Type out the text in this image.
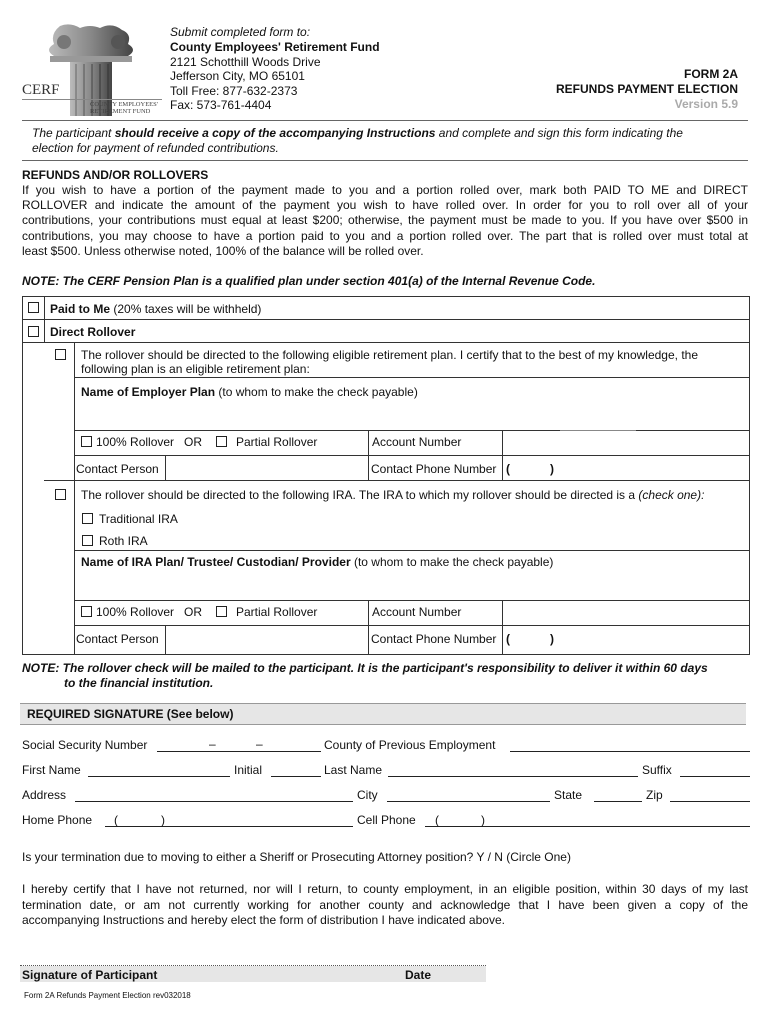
CERF
COUNTY EMPLOYEES'
RETIREMENT FUND
Submit completed form to:
County Employees' Retirement Fund
2121 Schotthill Woods Drive
Jefferson City, MO 65101
Toll Free: 877-632-2373
Fax: 573-761-4404
FORM 2A
REFUNDS PAYMENT ELECTION
Version 5.9
The participant should receive a copy of the accompanying Instructions and complete and sign this form indicating the
election for payment of refunded contributions.
REFUNDS AND/OR ROLLOVERS
If you wish to have a portion of the payment made to you and a portion rolled over, mark both PAID TO ME and DIRECT
ROLLOVER and indicate the amount of the payment you wish to have rolled over. In order for you to roll over all of your
contributions, your contributions must equal at least $200; otherwise, the payment must be made to you. If you have over $500 in
contributions, you may choose to have a portion paid to you and a portion rolled over. The part that is rolled over must total at
least $500. Unless otherwise noted, 100% of the balance will be rolled over.
NOTE: The CERF Pension Plan is a qualified plan under section 401(a) of the Internal Revenue Code.
Paid to Me (20% taxes will be withheld)
Direct Rollover
The rollover should be directed to the following eligible retirement plan. I certify that to the best of my knowledge, the
following plan is an eligible retirement plan:
Name of Employer Plan (to whom to make the check payable)
100% Rollover OR	Partial Rollover	Account Number
Contact Person	Contact Phone Number (	)
The rollover should be directed to the following IRA. The IRA to which my rollover should be directed is a (check one):
Traditional IRA
Roth IRA
Name of IRA Plan/ Trustee/ Custodian/ Provider (to whom to make the check payable)
100% Rollover OR	Partial Rollover	Account Number
Contact Person	Contact Phone Number (	)
NOTE: The rollover check will be mailed to the participant. It is the participant's responsibility to deliver it within 60 days
to the financial institution.
REQUIRED SIGNATURE (See below)
Social Security Number	–	–	County of Previous Employment
First Name	Initial	Last Name	Suffix
Address	City	State	Zip
Home Phone (	)	Cell Phone (	)
Is your termination due to moving to either a Sheriff or Prosecuting Attorney position? Y / N (Circle One)
I hereby certify that I have not returned, nor will I return, to county employment, in an eligible position, within 30 days of my last
termination date, or am not currently working for another county and acknowledge that I have been given a copy of the
accompanying Instructions and hereby elect the form of distribution I have indicated above.
Signature of Participant	Date
Form 2A Refunds Payment Election rev032018
